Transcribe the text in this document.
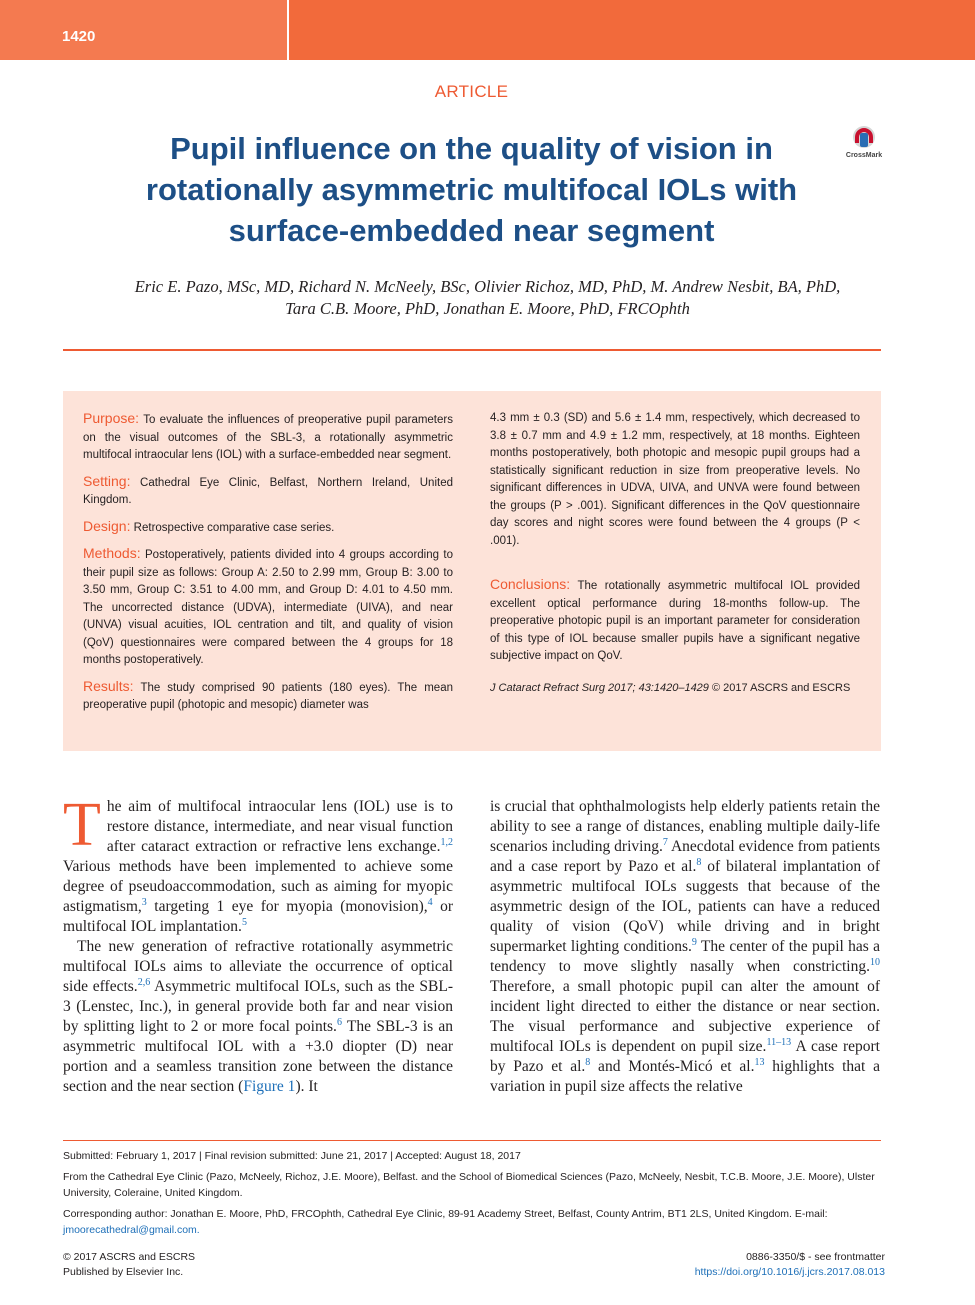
1420
ARTICLE
Pupil influence on the quality of vision in rotationally asymmetric multifocal IOLs with surface-embedded near segment
CrossMark
Eric E. Pazo, MSc, MD, Richard N. McNeely, BSc, Olivier Richoz, MD, PhD, M. Andrew Nesbit, BA, PhD,
Tara C.B. Moore, PhD, Jonathan E. Moore, PhD, FRCOphth

Purpose: To evaluate the influences of preoperative pupil parameters on the visual outcomes of the SBL-3, a rotationally asymmetric multifocal intraocular lens (IOL) with a surface-embedded near segment.

Setting: Cathedral Eye Clinic, Belfast, Northern Ireland, United Kingdom.

Design: Retrospective comparative case series.

Methods: Postoperatively, patients divided into 4 groups according to their pupil size as follows: Group A: 2.50 to 2.99 mm, Group B: 3.00 to 3.50 mm, Group C: 3.51 to 4.00 mm, and Group D: 4.01 to 4.50 mm. The uncorrected distance (UDVA), intermediate (UIVA), and near (UNVA) visual acuities, IOL centration and tilt, and quality of vision (QoV) questionnaires were compared between the 4 groups for 18 months postoperatively.

Results: The study comprised 90 patients (180 eyes). The mean preoperative pupil (photopic and mesopic) diameter was

4.3 mm ± 0.3 (SD) and 5.6 ± 1.4 mm, respectively, which decreased to 3.8 ± 0.7 mm and 4.9 ± 1.2 mm, respectively, at 18 months. Eighteen months postoperatively, both photopic and mesopic pupil groups had a statistically significant reduction in size from preoperative levels. No significant differences in UDVA, UIVA, and UNVA were found between the groups (P > .001). Significant differences in the QoV questionnaire day scores and night scores were found between the 4 groups (P < .001).

Conclusions: The rotationally asymmetric multifocal IOL provided excellent optical performance during 18-months follow-up. The preoperative photopic pupil is an important parameter for consideration of this type of IOL because smaller pupils have a significant negative subjective impact on QoV.

J Cataract Refract Surg 2017; 43:1420–1429 © 2017 ASCRS and ESCRS

The aim of multifocal intraocular lens (IOL) use is to restore distance, intermediate, and near visual function after cataract extraction or refractive lens exchange.$^{1,2}$ Various methods have been implemented to achieve some degree of pseudoaccommodation, such as aiming for myopic astigmatism,$^3$ targeting 1 eye for myopia (monovision),$^4$ or multifocal IOL implantation.$^5$

The new generation of refractive rotationally asymmetric multifocal IOLs aims to alleviate the occurrence of optical side effects.$^{2,6}$ Asymmetric multifocal IOLs, such as the SBL-3 (Lenstec, Inc.), in general provide both far and near vision by splitting light to 2 or more focal points.$^6$ The SBL-3 is an asymmetric multifocal IOL with a +3.0 diopter (D) near portion and a seamless transition zone between the distance section and the near section (Figure 1). It

is crucial that ophthalmologists help elderly patients retain the ability to see a range of distances, enabling multiple daily-life scenarios including driving.$^7$ Anecdotal evidence from patients and a case report by Pazo et al.$^8$ of bilateral implantation of asymmetric multifocal IOLs suggests that because of the asymmetric design of the IOL, patients can have a reduced quality of vision (QoV) while driving and in bright supermarket lighting conditions.$^9$ The center of the pupil has a tendency to move slightly nasally when constricting.$^{10}$ Therefore, a small photopic pupil can alter the amount of incident light directed to either the distance or near section. The visual performance and subjective experience of multifocal IOLs is dependent on pupil size.$^{11-13}$ A case report by Pazo et al.$^8$ and Montés-Micó et al.$^{13}$ highlights that a variation in pupil size affects the relative

Submitted: February 1, 2017 | Final revision submitted: June 21, 2017 | Accepted: August 18, 2017

From the Cathedral Eye Clinic (Pazo, McNeely, Richoz, J.E. Moore), Belfast. and the School of Biomedical Sciences (Pazo, McNeely, Nesbit, T.C.B. Moore, J.E. Moore), Ulster University, Coleraine, United Kingdom.

Corresponding author: Jonathan E. Moore, PhD, FRCOphth, Cathedral Eye Clinic, 89-91 Academy Street, Belfast, County Antrim, BT1 2LS, United Kingdom. E-mail: jmoorecathedral@gmail.com.

© 2017 ASCRS and ESCRS
Published by Elsevier Inc.
0886-3350/$ - see frontmatter
https://doi.org/10.1016/j.jcrs.2017.08.013
